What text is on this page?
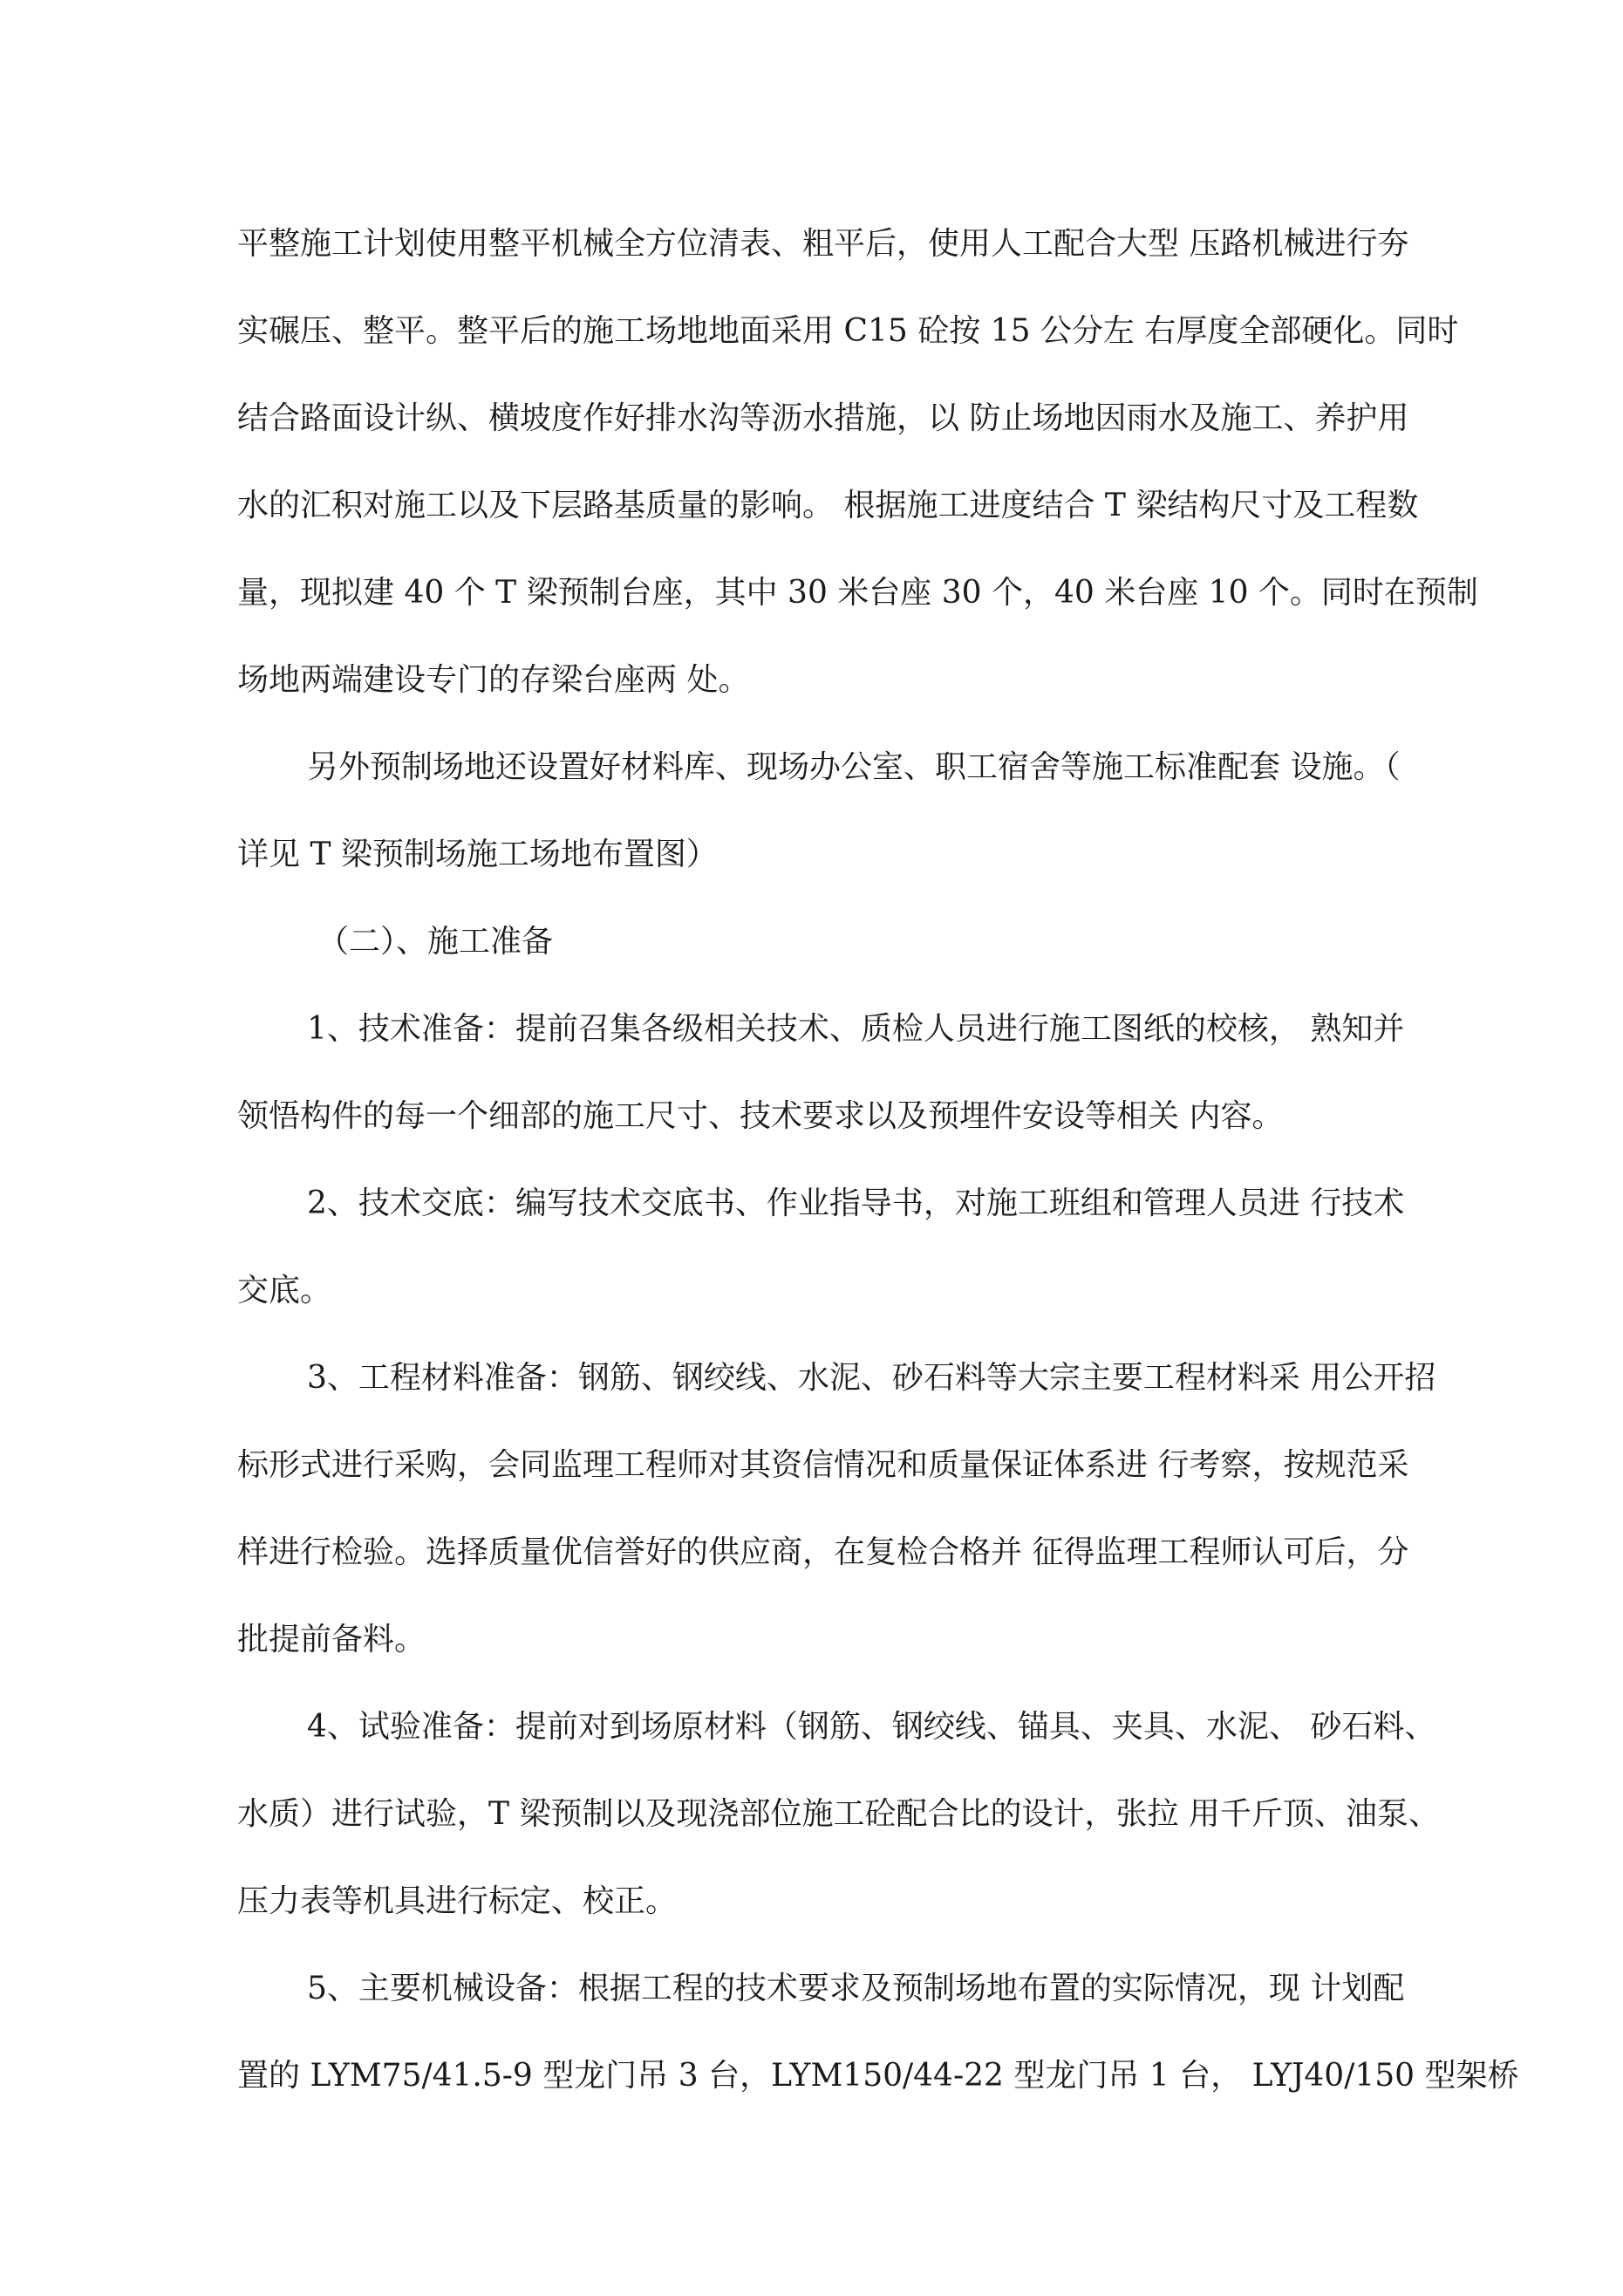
平整施工计划使用整平机械全方位清表、粗平后，使用人工配合大型 压路机械进行夯
实碾压、整平。整平后的施工场地地面采用 C15 砼按 15 公分左 右厚度全部硬化。同时
结合路面设计纵、横坡度作好排水沟等沥水措施，以 防止场地因雨水及施工、养护用
水的汇积对施工以及下层路基质量的影响。 根据施工进度结合 T 梁结构尺寸及工程数
量，现拟建 40 个 T 梁预制台座，其中 30 米台座 30 个，40 米台座 10 个。同时在预制
场地两端建设专门的存梁台座两 处。
另外预制场地还设置好材料库、现场办公室、职工宿舍等施工标准配套 设施。（
详见 T 梁预制场施工场地布置图）
（二）、施工准备
1、技术准备：提前召集各级相关技术、质检人员进行施工图纸的校核， 熟知并
领悟构件的每一个细部的施工尺寸、技术要求以及预埋件安设等相关 内容。
2、技术交底：编写技术交底书、作业指导书，对施工班组和管理人员进 行技术
交底。
3、工程材料准备：钢筋、钢绞线、水泥、砂石料等大宗主要工程材料采 用公开招
标形式进行采购，会同监理工程师对其资信情况和质量保证体系进 行考察，按规范采
样进行检验。选择质量优信誉好的供应商，在复检合格并 征得监理工程师认可后，分
批提前备料。
4、试验准备：提前对到场原材料（钢筋、钢绞线、锚具、夹具、水泥、 砂石料、
水质）进行试验，T 梁预制以及现浇部位施工砼配合比的设计，张拉 用千斤顶、油泵、
压力表等机具进行标定、校正。
5、主要机械设备：根据工程的技术要求及预制场地布置的实际情况，现 计划配
置的 LYM75/41.5-9 型龙门吊 3 台，LYM150/44-22 型龙门吊 1 台， LYJ40/150 型架桥
